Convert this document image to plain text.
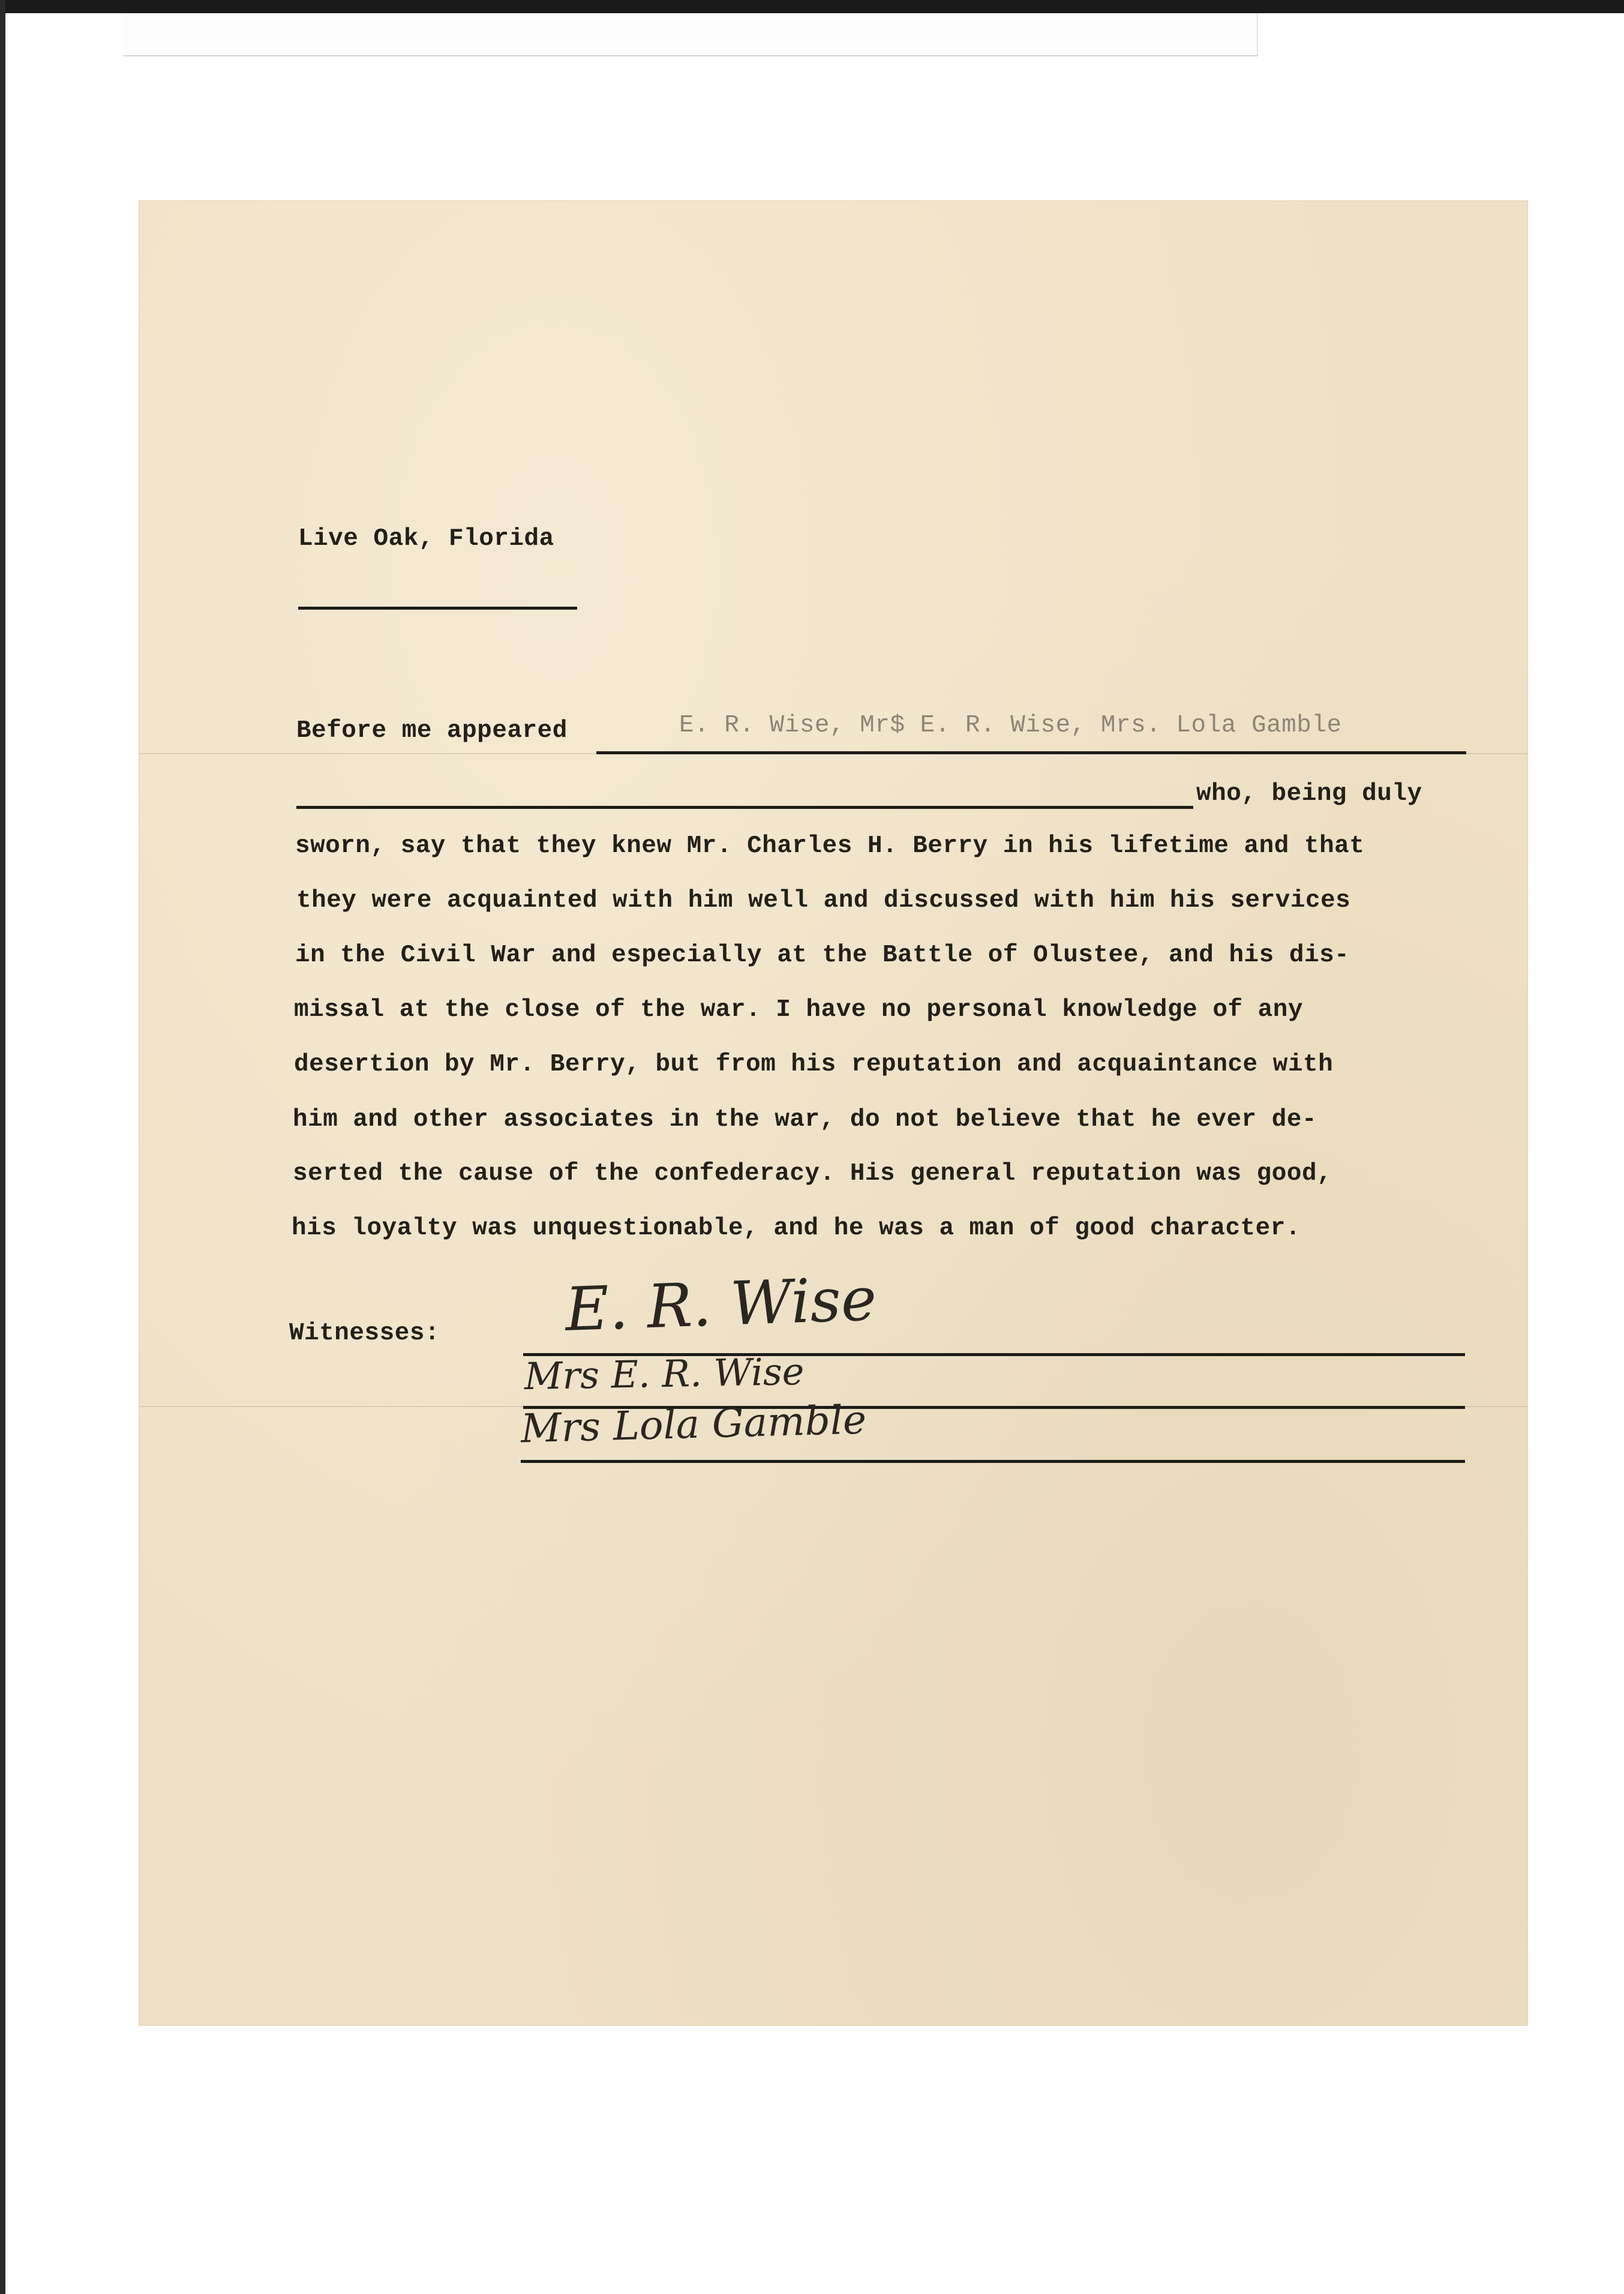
Live Oak, Florida
Before me appeared	E. R. Wise, Mr$ E. R. Wise, Mrs. Lola Gamble
who, being duly
sworn, say that they knew Mr. Charles H. Berry in his lifetime and that
they were acquainted with him well and discussed with him his services
in the Civil War and especially at the Battle of Olustee, and his dis-
missal at the close of the war. I have no personal knowledge of any
desertion by Mr. Berry, but from his reputation and acquaintance with
him and other associates in the war, do not believe that he ever de-
serted the cause of the confederacy. His general reputation was good,
his loyalty was unquestionable, and he was a man of good character.
Witnesses: E. R. Wise
Mrs E. R. Wise
Mrs Lola Gamble
